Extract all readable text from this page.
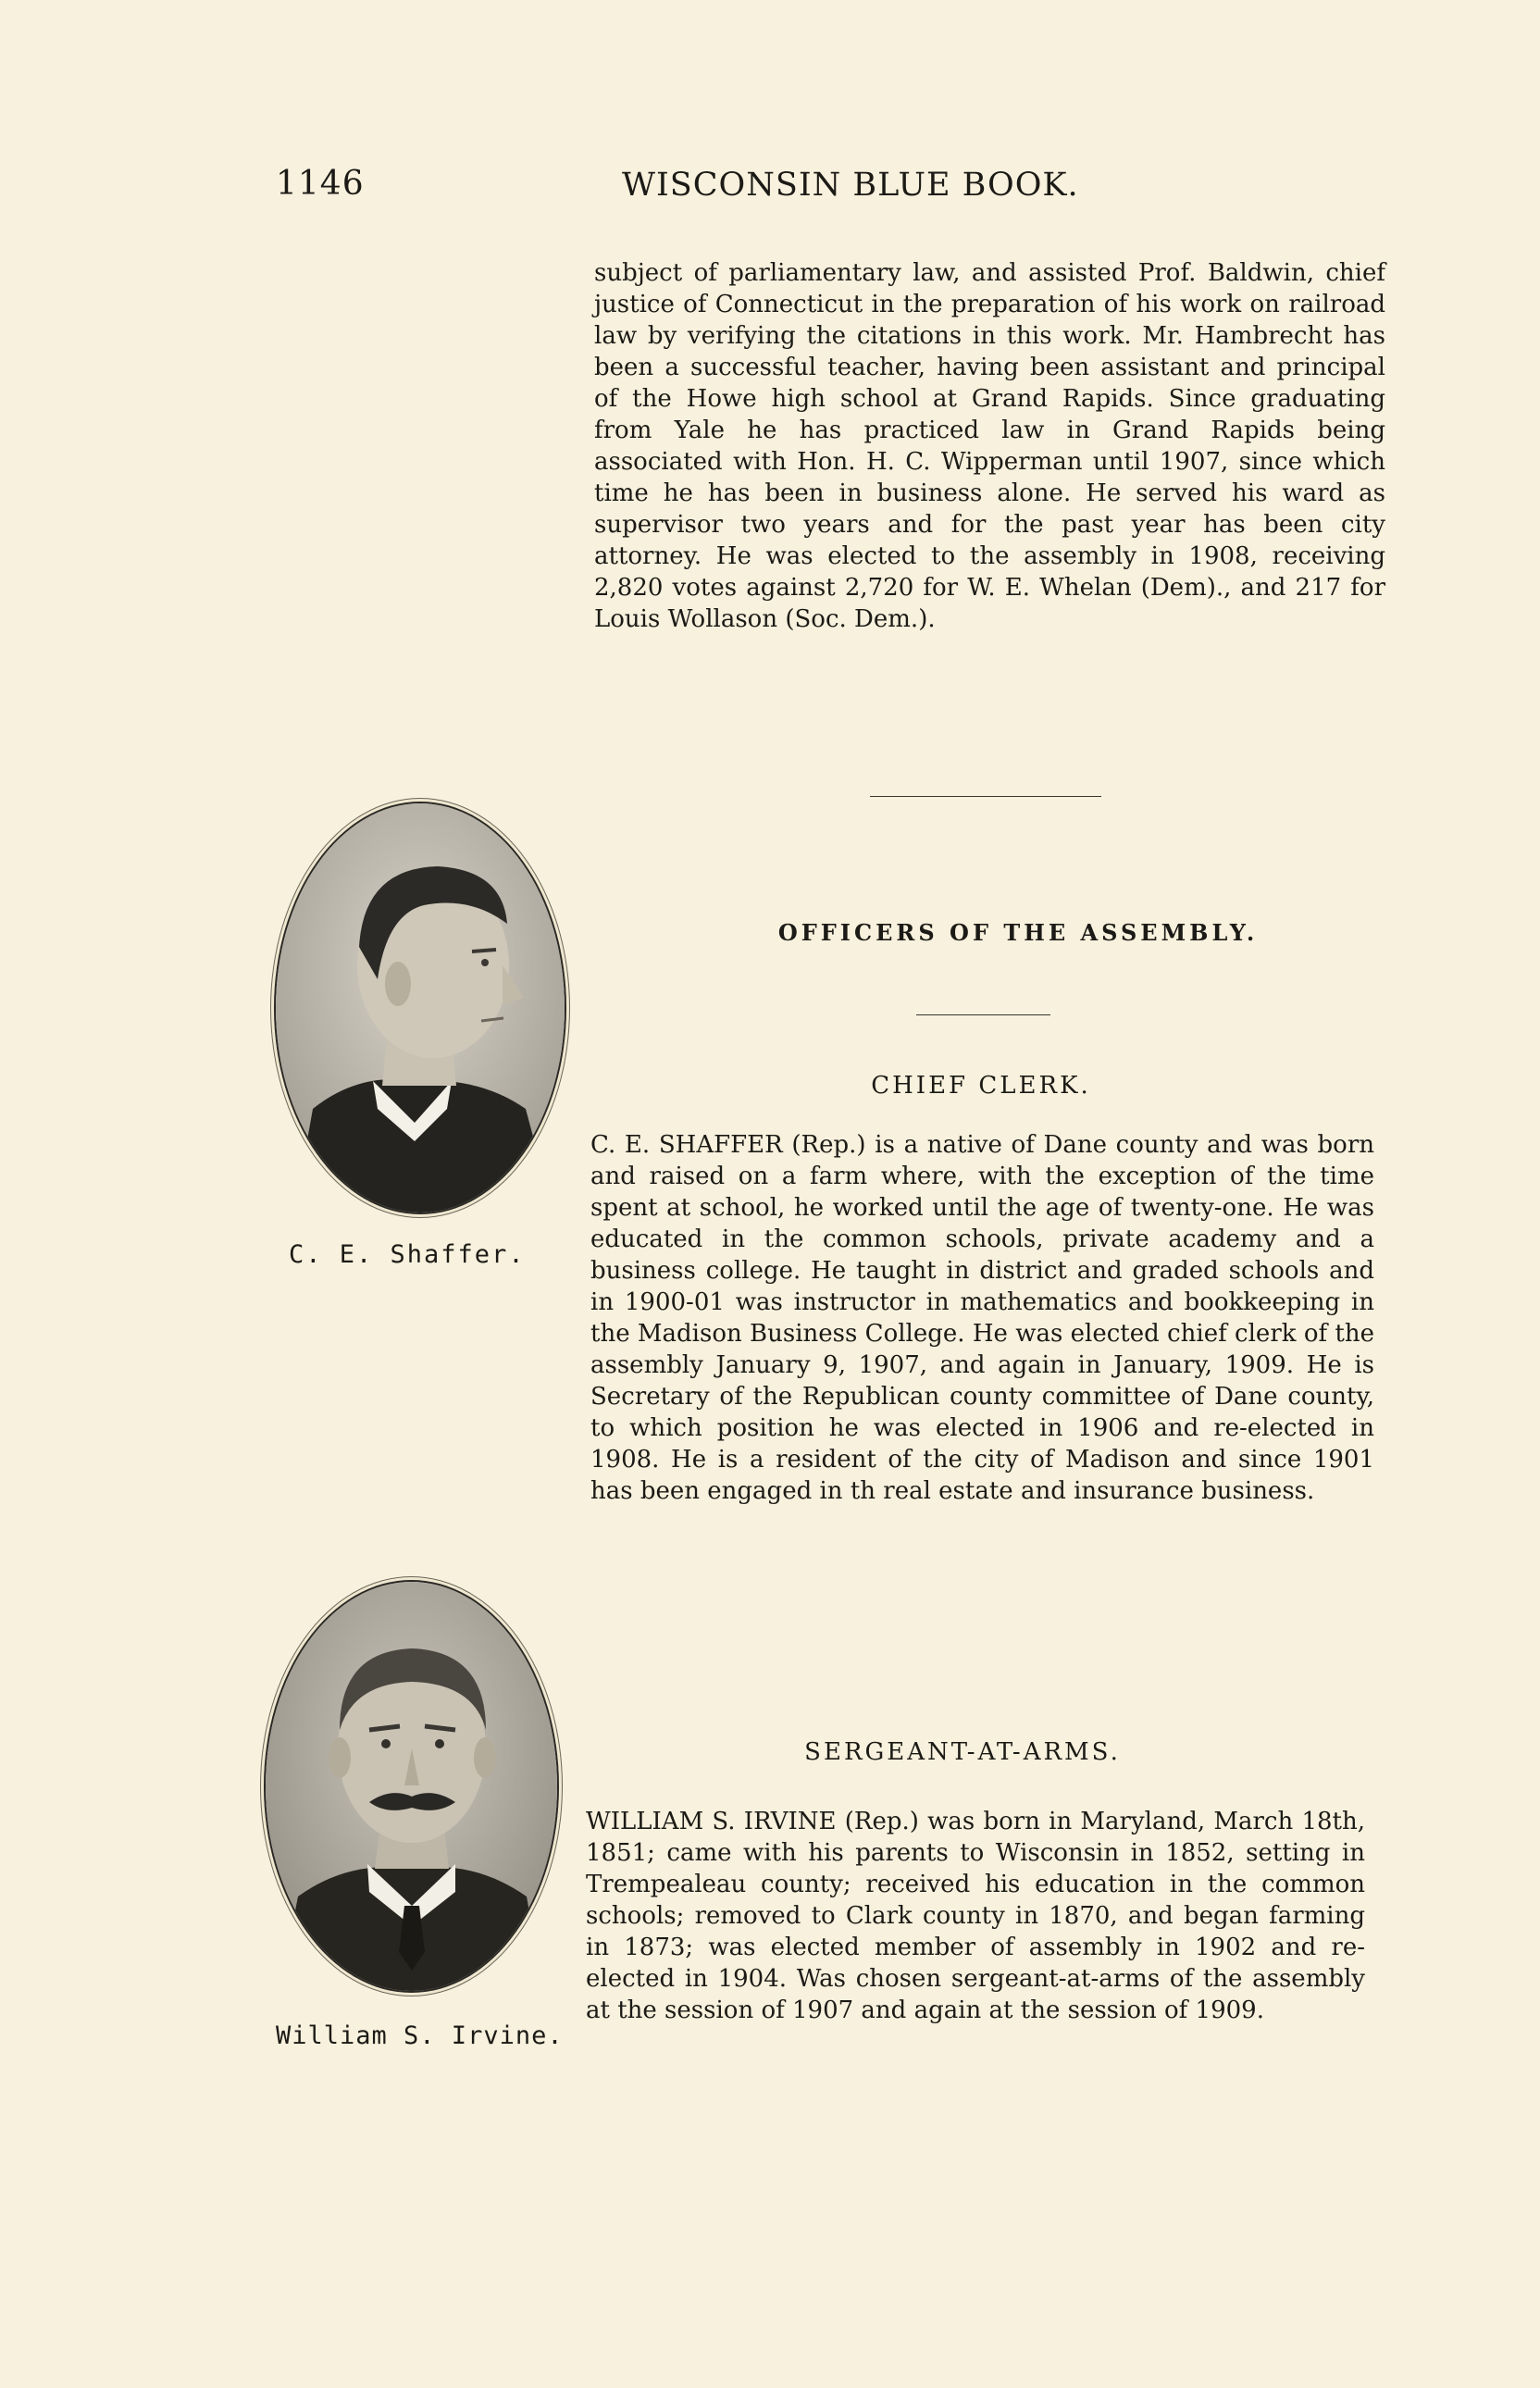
1146	WISCONSIN BLUE BOOK.

subject of parliamentary law, and assisted Prof. Baldwin, chief justice of Connecticut in the preparation of his work on railroad law by verifying the citations in this work. Mr. Hambrecht has been a successful teacher, having been assistant and principal of the Howe high school at Grand Rapids. Since graduating from Yale he has practiced law in Grand Rapids being associated with Hon. H. C. Wipperman until 1907, since which time he has been in business alone. He served his ward as supervisor two years and for the past year has been city attorney. He was elected to the assembly in 1908, receiving 2,820 votes against 2,720 for W. E. Whelan (Dem)., and 217 for Louis Wollason (Soc. Dem.).

OFFICERS OF THE ASSEMBLY.
CHIEF CLERK.

C. E. Shaffer.

C. E. SHAFFER (Rep.) is a native of Dane county and was born and raised on a farm where, with the exception of the time spent at school, he worked until the age of twenty-one. He was educated in the common schools, private academy and a business college. He taught in district and graded schools and in 1900-01 was instructor in mathematics and bookkeeping in the Madison Business College. He was elected chief clerk of the assembly January 9, 1907, and again in January, 1909. He is Secretary of the Republican county committee of Dane county, to which position he was elected in 1906 and re-elected in 1908. He is a resident of the city of Madison and since 1901 has been engaged in th real estate and insurance business.

SERGEANT-AT-ARMS.

WILLIAM S. IRVINE (Rep.) was born in Maryland, March 18th, 1851; came with his parents to Wisconsin in 1852, setting in Trempealeau county; received his education in the common schools; removed to Clark county in 1870, and began farming in 1873; was elected member of assembly in 1902 and re-elected in 1904. Was chosen sergeant-at-arms of the assembly at the session of 1907 and again at the session of 1909.

William S. Irvine.
